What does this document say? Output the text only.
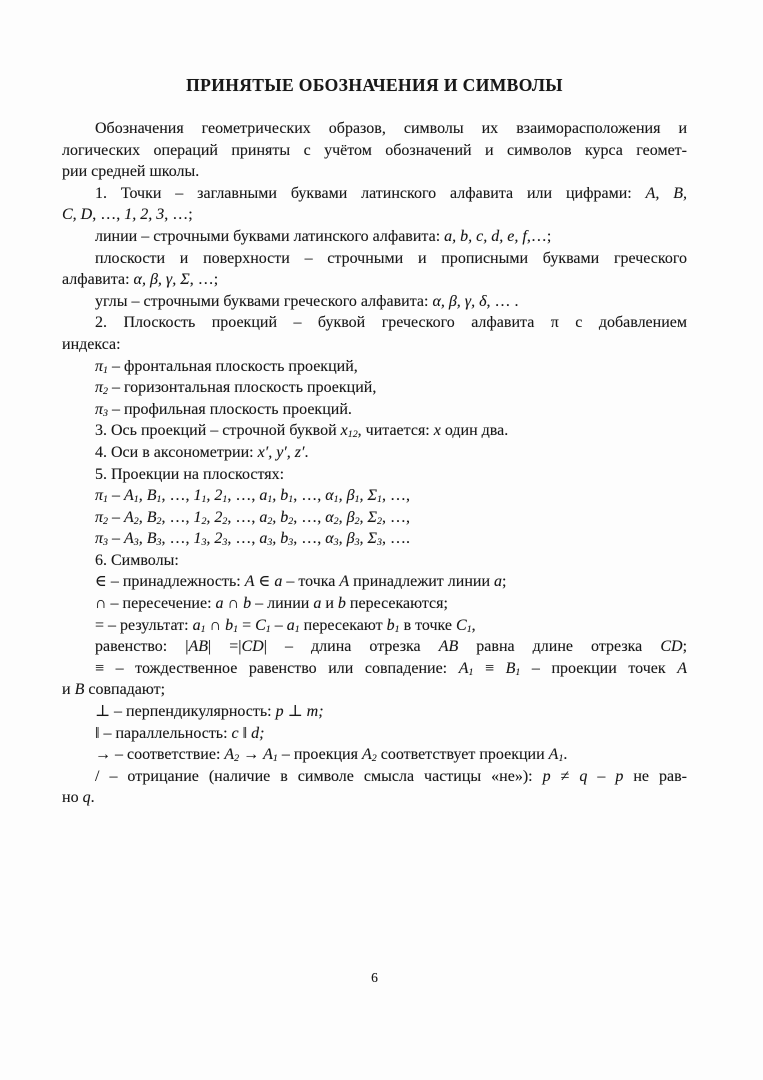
ПРИНЯТЫЕ ОБОЗНАЧЕНИЯ И СИМВОЛЫ
Обозначения геометрических образов, символы их взаиморасположения и
логических операций приняты с учётом обозначений и символов курса геомет-
рии средней школы.
1. Точки – заглавными буквами латинского алфавита или цифрами: A, B,
C, D, …, 1, 2, 3, …;
линии – строчными буквами латинского алфавита: a, b, c, d, e, f,…;
плоскости и поверхности – строчными и прописными буквами греческого
алфавита: α, β, γ, Σ, …;
углы – строчными буквами греческого алфавита: α, β, γ, δ, … .
2. Плоскость проекций – буквой греческого алфавита π с добавлением
индекса:
$\pi_1$ – фронтальная плоскость проекций,
$\pi_2$ – горизонтальная плоскость проекций,
$\pi_3$ – профильная плоскость проекций.
3. Ось проекций – строчной буквой $x_{12}$, читается: x один два.
4. Оси в аксонометрии: x′, y′, z′.
5. Проекции на плоскостях:
$\pi_1 - A_1$, $B_1$, …, $1_1$, $2_1$, …, $a_1$, $b_1$, …, $\alpha_1$, $\beta_1$, $\Sigma_1$, …,
$\pi_2 - A_2$, $B_2$, …, $1_2$, $2_2$, …, $a_2$, $b_2$, …, $\alpha_2$, $\beta_2$, $\Sigma_2$, …,
$\pi_3 - A_3$, $B_3$, …, $1_3$, $2_3$, …, $a_3$, $b_3$, …, $\alpha_3$, $\beta_3$, $\Sigma_3$, ….
6. Символы:
∈ – принадлежность: A ∈ a – точка A принадлежит линии a;
∩ – пересечение: a ∩ b – линии a и b пересекаются;
= – результат: $a_1$ ∩ $b_1 = C_1 - a_1$ пересекают $b_1$ в точке $C_1$,
равенство: |AB| =|CD| – длина отрезка AB равна длине отрезка CD;
≡ – тождественное равенство или совпадение: $A_1 \equiv B_1$ – проекции точек A
и B совпадают;
⊥ – перпендикулярность: p ⊥ m;
‖ – параллельность: c ‖ d;
→ – соответствие: $A_2 \to A_1$ – проекция $A_2$ соответствует проекции $A_1$.
/ – отрицание (наличие в символе смысла частицы «не»): p ≠ q – p не рав-
но q.
6
